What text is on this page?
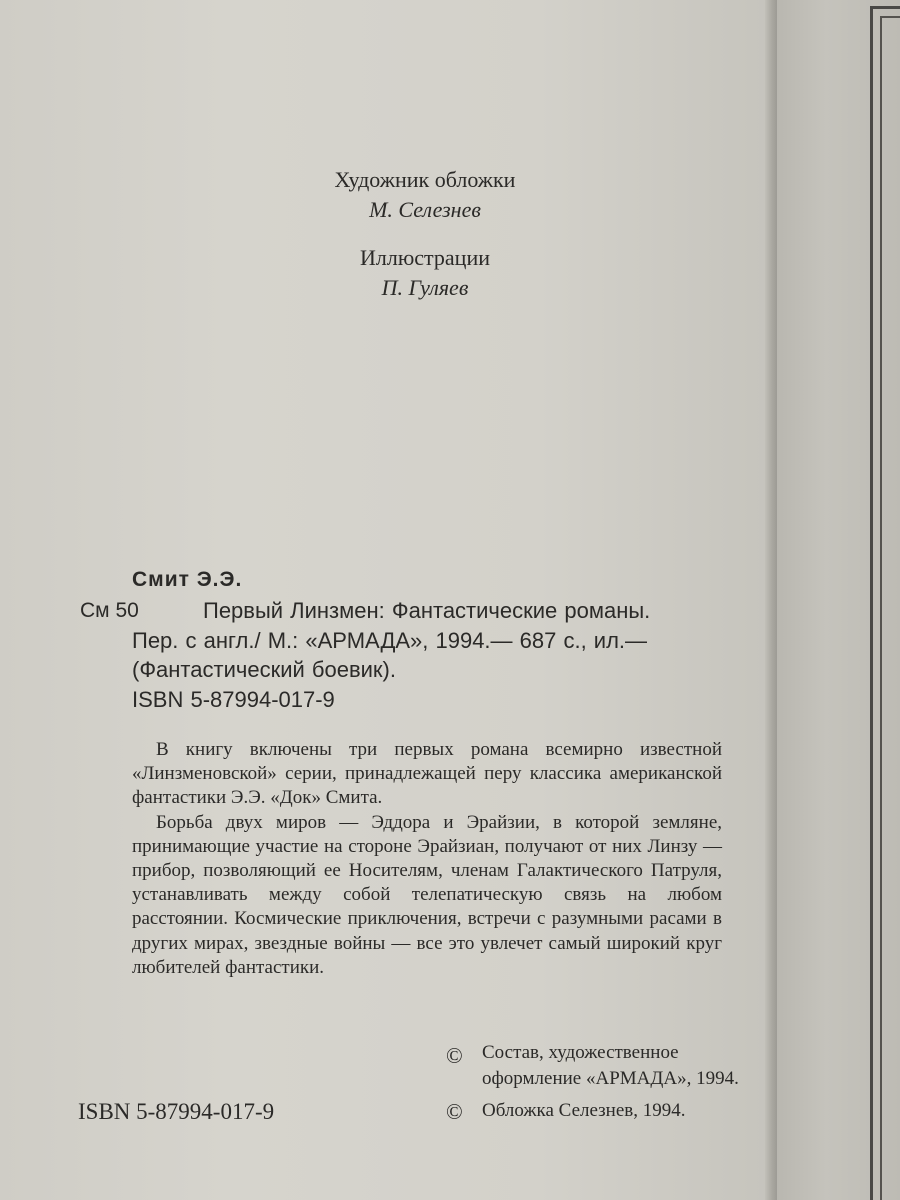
Художник обложки
М. Селезнев
Иллюстрации
П. Гуляев
Смит Э.Э.
См 50	Первый Линзмен: Фантастические романы.
Пер. с англ./ М.: «АРМАДА», 1994.— 687 с., ил.—
(Фантастический боевик).
ISBN 5-87994-017-9

В книгу включены три первых романа всемирно известной «Линзменовской» серии, принадлежащей перу классика американской фантастики Э.Э. «Док» Смита.

Борьба двух миров — Эддора и Эрайзии, в которой земляне, принимающие участие на стороне Эрайзиан, получают от них Линзу — прибор, позволяющий ее Носителям, членам Галактического Патруля, устанавливать между собой телепатическую связь на любом расстоянии. Космические приключения, встречи с разумными расами в других мирах, звездные войны — все это увлечет самый широкий круг любителей фантастики.

ISBN 5-87994-017-9
© Состав, художественное
оформление «АРМАДА», 1994.
© Обложка Селезнев, 1994.
